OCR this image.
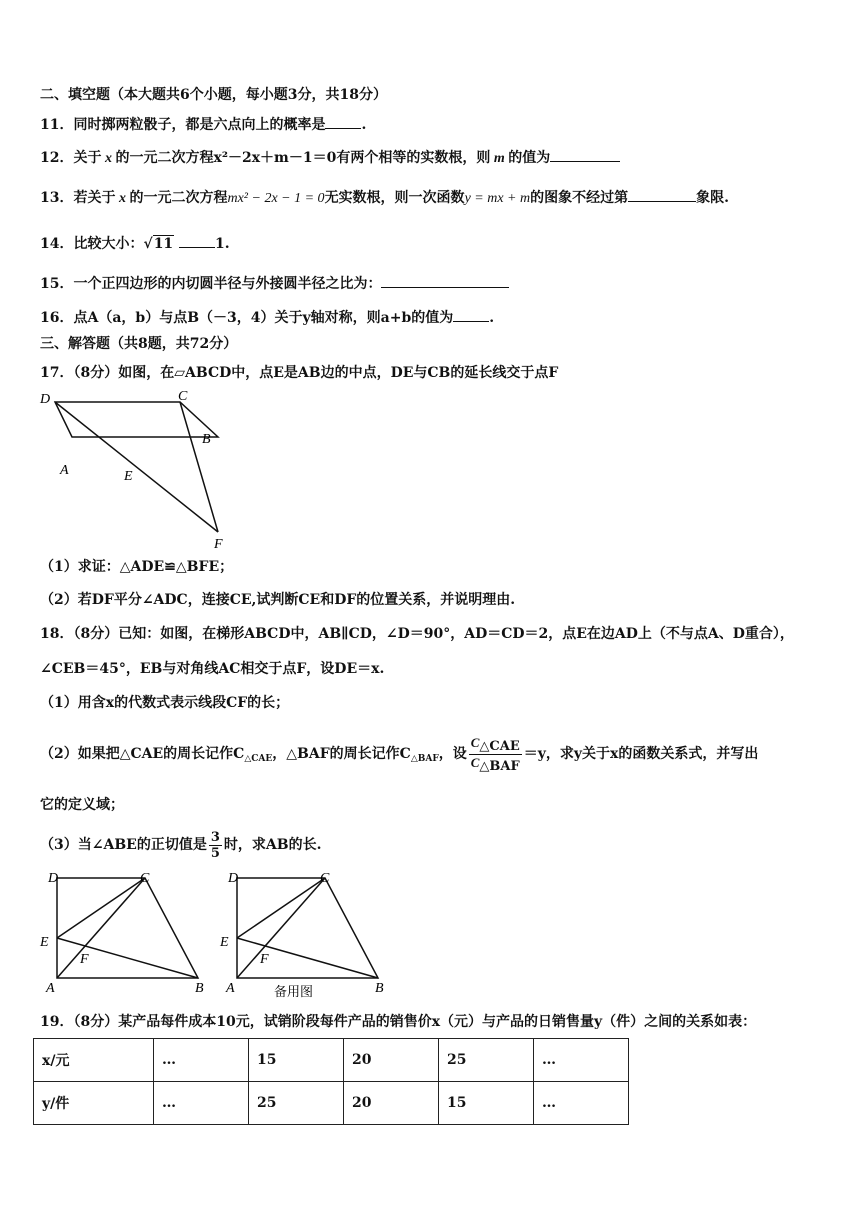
二、填空题（本大题共6个小题，每小题3分，共18分）
11．同时掷两粒骰子，都是六点向上的概率是	.
12．关于 x 的一元二次方程x²－2x＋m－1＝0有两个相等的实数根，则 m 的值为
13．若关于 x 的一元二次方程mx² − 2x − 1 = 0无实数根，则一次函数y = mx + m的图象不经过第	象限.
14．比较大小：√11	1.
15．一个正四边形的内切圆半径与外接圆半径之比为：
16．点A（a，b）与点B（－3，4）关于y轴对称，则a+b的值为	.
三、解答题（共8题，共72分）
17．（8分）如图，在▱ABCD中，点E是AB边的中点，DE与CB的延长线交于点F
D	C
A	E
B
F
（1）求证：△ADE≌△BFE；
（2）若DF平分∠ADC，连接CE,试判断CE和DF的位置关系，并说明理由.
18．（8分）已知：如图，在梯形ABCD中，AB∥CD，∠D＝90°，AD＝CD＝2，点E在边AD上（不与点A、D重合），
∠CEB＝45°，EB与对角线AC相交于点F，设DE＝x.
（1）用含x的代数式表示线段CF的长；
（2）如果把△CAE的周长记作$C_{\triangle CAE}$，△BAF的周长记作$C_{\triangle BAF}$，设 $\frac{\text{C△CAE}}{\text{C△BAF}} =y$，求y关于x的函数关系式，并写出
它的定义域；
（3）当∠ABE的正切值是 $\frac{3}{5}$ 时，求AB的长.
D	C
E
F
A	B
D	C
E
F
A	B
备用图
19．（8分）某产品每件成本10元，试销阶段每件产品的销售价x（元）与产品的日销售量y（件）之间的关系如表：
x/元	…	15	20	25	…
y/件	…	25	20	15	…
